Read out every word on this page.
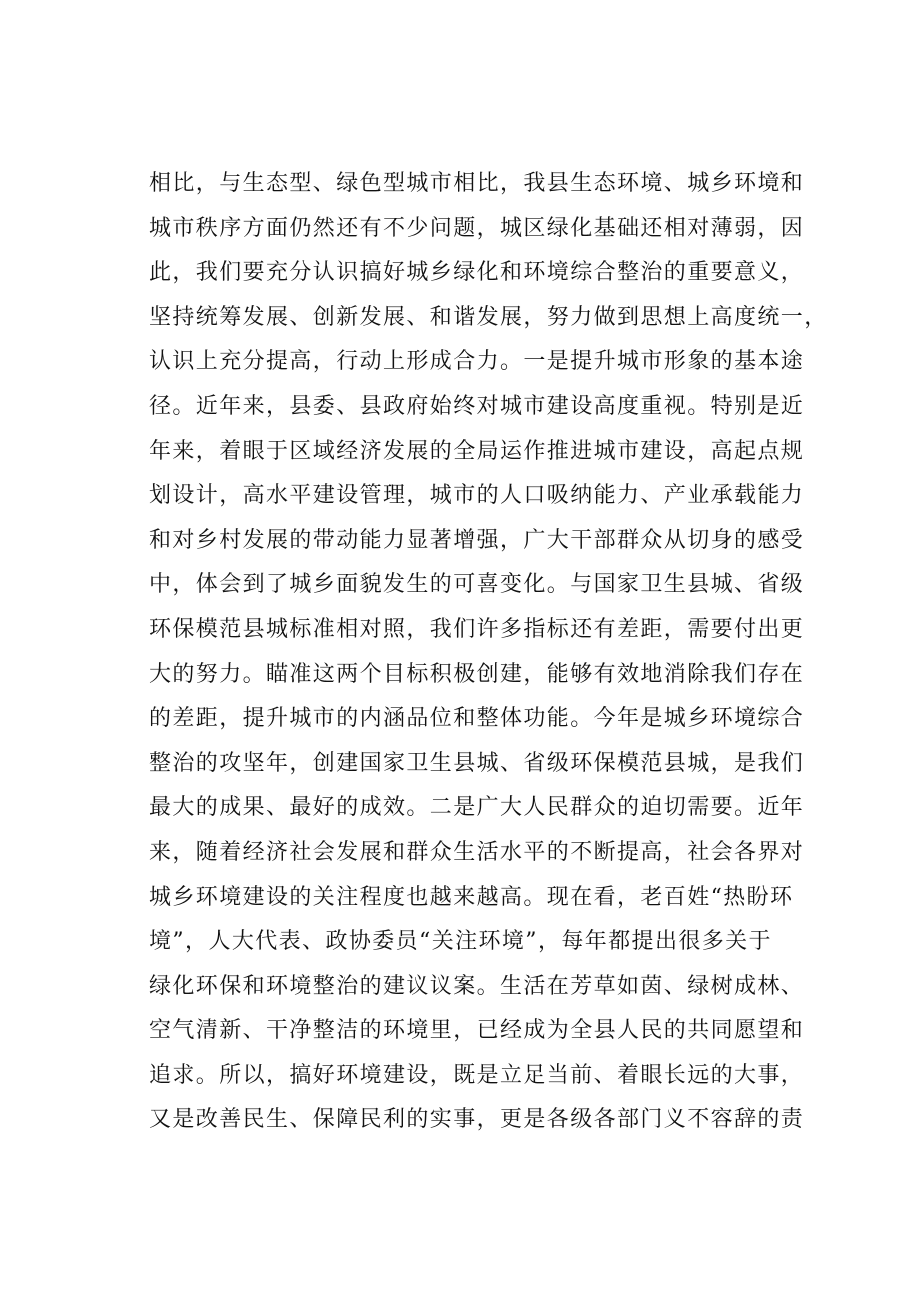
相比，与生态型、绿色型城市相比，我县生态环境、城乡环境和
城市秩序方面仍然还有不少问题，城区绿化基础还相对薄弱，因
此，我们要充分认识搞好城乡绿化和环境综合整治的重要意义，
坚持统筹发展、创新发展、和谐发展，努力做到思想上高度统一，
认识上充分提高，行动上形成合力。一是提升城市形象的基本途
径。近年来，县委、县政府始终对城市建设高度重视。特别是近
年来，着眼于区域经济发展的全局运作推进城市建设，高起点规
划设计，高水平建设管理，城市的人口吸纳能力、产业承载能力
和对乡村发展的带动能力显著增强，广大干部群众从切身的感受
中，体会到了城乡面貌发生的可喜变化。与国家卫生县城、省级
环保模范县城标准相对照，我们许多指标还有差距，需要付出更
大的努力。瞄准这两个目标积极创建，能够有效地消除我们存在
的差距，提升城市的内涵品位和整体功能。今年是城乡环境综合
整治的攻坚年，创建国家卫生县城、省级环保模范县城，是我们
最大的成果、最好的成效。二是广大人民群众的迫切需要。近年
来，随着经济社会发展和群众生活水平的不断提高，社会各界对
城乡环境建设的关注程度也越来越高。现在看，老百姓“热盼环
境”，人大代表、政协委员“关注环境”，每年都提出很多关于
绿化环保和环境整治的建议议案。生活在芳草如茵、绿树成林、
空气清新、干净整洁的环境里，已经成为全县人民的共同愿望和
追求。所以，搞好环境建设，既是立足当前、着眼长远的大事，
又是改善民生、保障民利的实事，更是各级各部门义不容辞的责
